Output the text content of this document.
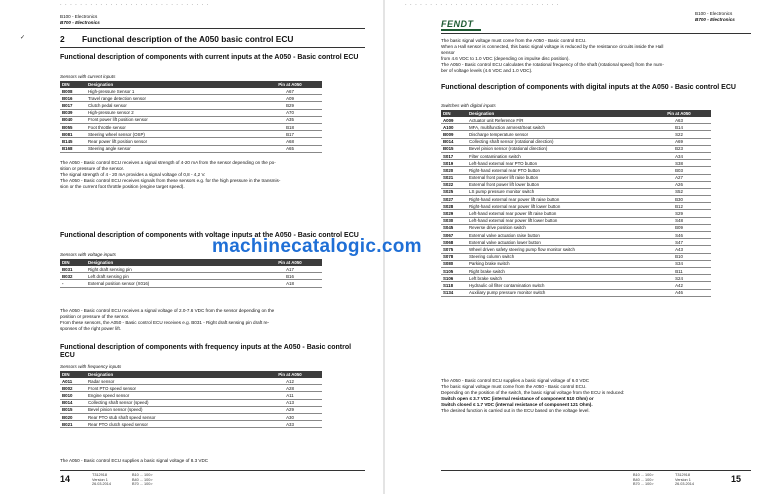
· · · · · · · · · · · · · · · · · · · · · · · · · · · · · ·
✓
B100 - Electronics
B700 - Electronics
2 Functional description of the A050 basic control ECU
Functional description of components with current inputs at the A050 - Basic control ECU
Sensors with current inputs
DIN	Designation	Pin at A050
B008	High-pressure Sensor 1	A67
B016	Travel range detection sensor	A09
B017	Clutch pedal sensor	B29
B039	High-pressure sensor 2	A70
B040	Front power lift position sensor	A35
B055	Foot throttle sensor	B18
B081	Steering wheel sensor (OSP)	B17
B145	Rear power lift position sensor	A68
B168	Steering angle sensor	A65
The A050 - Basic control ECU receives a signal strength of 4-20 mA from the sensor depending on the po-
sition or pressure of the sensor.
The signal strength of 4 - 20 mA provides a signal voltage of 0,8 - 4,2 V.
The A050 - Basic control ECU receives signals from these sensors e.g. for the high pressure in the transmis-
sion or the current foot throttle position (engine target speed).
Functional description of components with voltage inputs at the A050 - Basic control ECU
Sensors with voltage inputs
DIN	Designation	Pin at A050
B031	Right draft sensing pin	A17
B032	Left draft sensing pin	B16
-	External position sensor (X016)	A18
The A050 - Basic control ECU receives a signal voltage of 2.0-7.6 VDC from the sensor depending on the
position or pressure of the sensor.
From these sensors, the A050 - Basic control ECU receives e.g. B031 - Right draft sensing pin draft re-
sponses of the right power lift.
Functional description of components with frequency inputs at the A050 - Basic control ECU
Sensors with frequency inputs
DIN	Designation	Pin at A050
A011	Radar sensor	A12
B002	Front PTO speed sensor	A28
B010	Engine speed sensor	A11
B014	Collecting shaft sensor (speed)	A13
B015	Bevel pinion sensor (speed)	A29
B020	Rear PTO stub shaft speed sensor	A30
B021	Rear PTO clutch speed sensor	A33
The A050 - Basic control ECU supplies a basic signal voltage of 8.3 VDC
14	T312918
Version 1
26.03.2014
B10 ... 100>
B40 ... 100>
B70 ... 100>
· · · · · · · · · · · · · · · · · · · · · · · · · · · · · · ·
B100 - Electronics
B700 - Electronics
FENDT
The basic signal voltage must come from the A050 - Basic control ECU.
When a Hall sensor is connected, this basic signal voltage is reduced by the resistance circuits inside the Hall
sensor
from 4.6 VDC to 1.0 VDC (depending on impulse disc position).
The A050 - Basic control ECU calculates the rotational frequency of the shaft (rotational speed) from the num-
ber of voltage levels (4.6 VDC and 1.0 VDC).
Functional description of components with digital inputs at the A050 - Basic control ECU
Switches with digital inputs
DIN	Designation	Pin at A050
A009	Actuator unit Reference F/R	A63
A100	MFA, multifunction armrest/Seat switch	B14
B009	Discharge temperature sensor	S22
B014	Collecting shaft sensor (rotational direction)	A69
B015	Bevel pinion sensor (rotational direction)	B23
S017	Filter contamination switch	A34
S019	Left-hand external rear PTO button	S38
S020	Right-hand external rear PTO button	B03
S021	External front power lift raise button	A27
S022	External front power lift lower button	A26
S025	LS pump pressure monitor switch	S52
S027	Right-hand external rear power lift raise button	B30
S028	Right-hand external rear power lift lower button	B12
S029	Left-hand external rear power lift raise button	S29
S030	Left-hand external rear power lift lower button	S48
S045	Reverse drive position switch	B09
S067	External valve actuation raise button	S46
S068	External valve actuation lower button	S47
S075	Wheel driven safety steering pump flow monitor switch	A43
S078	Steering column switch	B10
S080	Parking brake switch	S34
S105	Right brake switch	B11
S106	Left brake switch	S24
S118	Hydraulic oil filter contamination switch	A42
S134	Auxiliary pump pressure monitor switch	A46
The A050 - Basic control ECU supplies a basic signal voltage of 6.0 VDC
The basic signal voltage must come from the A050 - Basic control ECU.
Depending on the position of the switch, the basic signal voltage from the ECU is reduced:
Switch open ≤ 3.7 VDC (internal resistance of component 510 Ohm) or
Switch closed ≤ 1.7 VDC (internal resistance of component 121 Ohm).
The desired function is carried out in the ECU based on the voltage level.
T312918
Version 1
26.03.2014
B10 ... 100>
B40 ... 100>
B70 ... 100>
15
machinecatalogic.com
